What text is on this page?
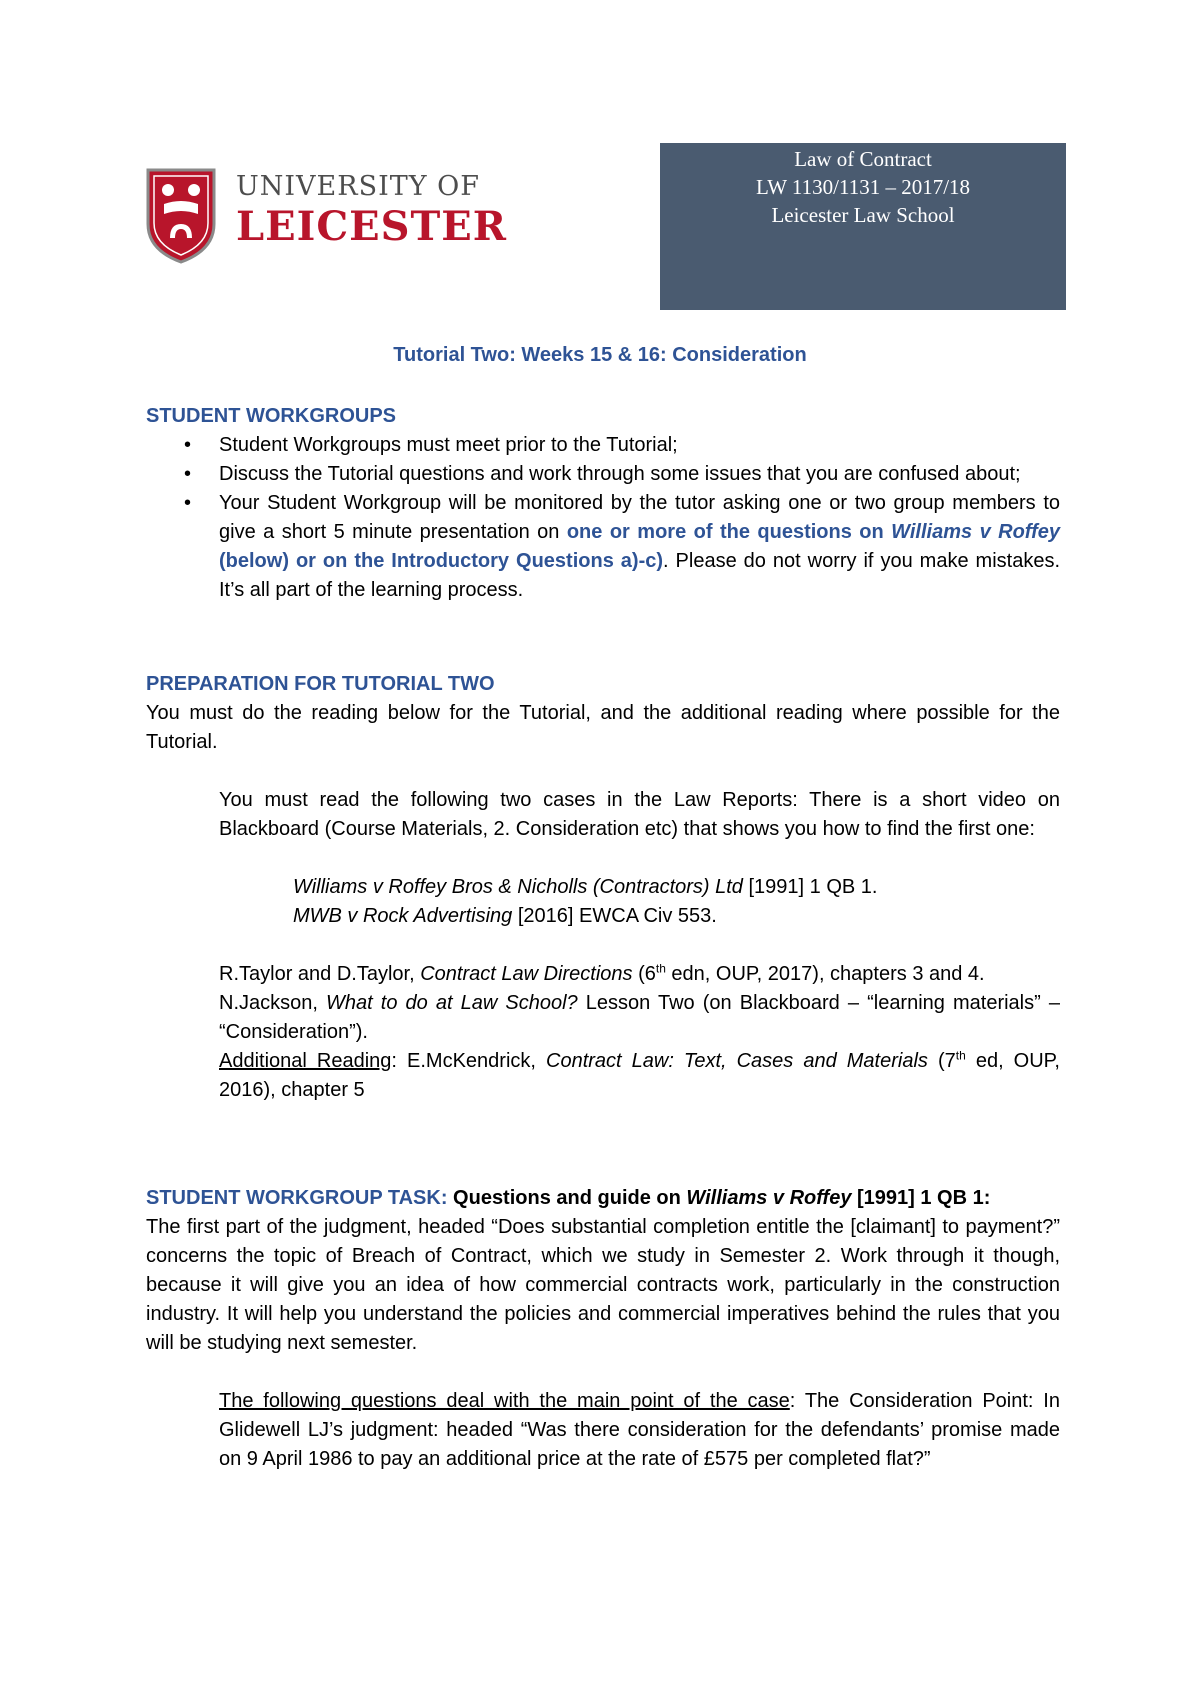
UNIVERSITY OF
LEICESTER
Law of Contract
LW 1130/1131 – 2017/18
Leicester Law School
Tutorial Two: Weeks 15 & 16: Consideration
STUDENT WORKGROUPS
• Student Workgroups must meet prior to the Tutorial;
• Discuss the Tutorial questions and work through some issues that you are confused about;
• Your Student Workgroup will be monitored by the tutor asking one or two group members to give a short 5 minute presentation on one or more of the questions on Williams v Roffey (below) or on the Introductory Questions a)-c). Please do not worry if you make mistakes. It’s all part of the learning process.
PREPARATION FOR TUTORIAL TWO
You must do the reading below for the Tutorial, and the additional reading where possible for the Tutorial.
You must read the following two cases in the Law Reports: There is a short video on Blackboard (Course Materials, 2. Consideration etc) that shows you how to find the first one:
Williams v Roffey Bros & Nicholls (Contractors) Ltd [1991] 1 QB 1.
MWB v Rock Advertising [2016] EWCA Civ 553.
R.Taylor and D.Taylor, Contract Law Directions (6th edn, OUP, 2017), chapters 3 and 4.
N.Jackson, What to do at Law School? Lesson Two (on Blackboard – “learning materials” – “Consideration”).
Additional Reading: E.McKendrick, Contract Law: Text, Cases and Materials (7th ed, OUP, 2016), chapter 5
STUDENT WORKGROUP TASK: Questions and guide on Williams v Roffey [1991] 1 QB 1:
The first part of the judgment, headed “Does substantial completion entitle the [claimant] to payment?” concerns the topic of Breach of Contract, which we study in Semester 2. Work through it though, because it will give you an idea of how commercial contracts work, particularly in the construction industry. It will help you understand the policies and commercial imperatives behind the rules that you will be studying next semester.
The following questions deal with the main point of the case: The Consideration Point: In Glidewell LJ’s judgment: headed “Was there consideration for the defendants’ promise made on 9 April 1986 to pay an additional price at the rate of £575 per completed flat?”
